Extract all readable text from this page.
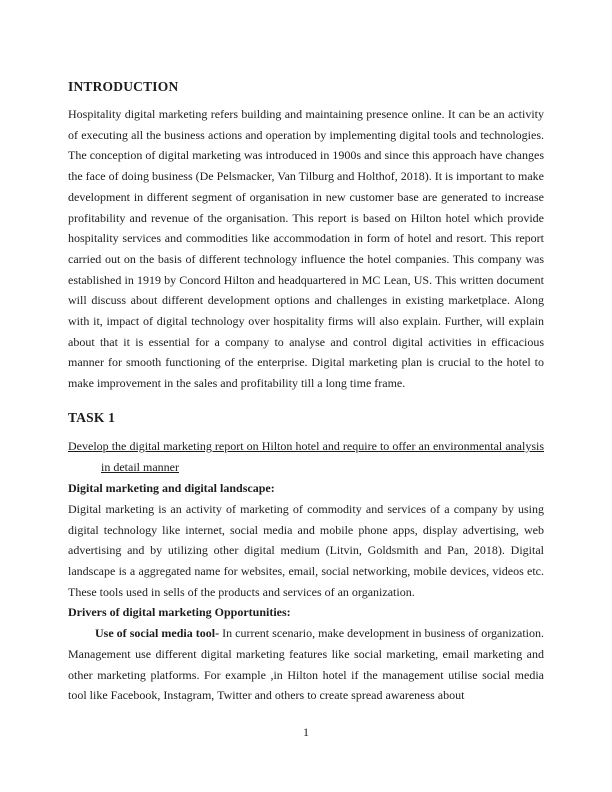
INTRODUCTION

Hospitality digital marketing refers building and maintaining presence online. It can be an activity of executing all the business actions and operation by implementing digital tools and technologies. The conception of digital marketing was introduced in 1900s and since this approach have changes the face of doing business (De Pelsmacker, Van Tilburg and Holthof, 2018). It is important to make development in different segment of organisation in new customer base are generated to increase profitability and revenue of the organisation. This report is based on Hilton hotel which provide hospitality services and commodities like accommodation in form of hotel and resort. This report carried out on the basis of different technology influence the hotel companies. This company was established in 1919 by Concord Hilton and headquartered in MC Lean, US. This written document will discuss about different development options and challenges in existing marketplace. Along with it, impact of digital technology over hospitality firms will also explain. Further, will explain about that it is essential for a company to analyse and control digital activities in efficacious manner for smooth functioning of the enterprise. Digital marketing plan is crucial to the hotel to make improvement in the sales and profitability till a long time frame.

TASK 1

Develop the digital marketing report on Hilton hotel and require to offer an environmental analysis in detail manner

Digital marketing and digital landscape:

Digital marketing is an activity of marketing of commodity and services of a company by using digital technology like internet, social media and mobile phone apps, display advertising, web advertising and by utilizing other digital medium (Litvin, Goldsmith and Pan, 2018). Digital landscape is a aggregated name for websites, email, social networking, mobile devices, videos etc. These tools used in sells of the products and services of an organization.

Drivers of digital marketing Opportunities:

Use of social media tool- In current scenario, make development in business of organization. Management use different digital marketing features like social marketing, email marketing and other marketing platforms. For example ,in Hilton hotel if the management utilise social media tool like Facebook, Instagram, Twitter and others to create spread awareness about

1
